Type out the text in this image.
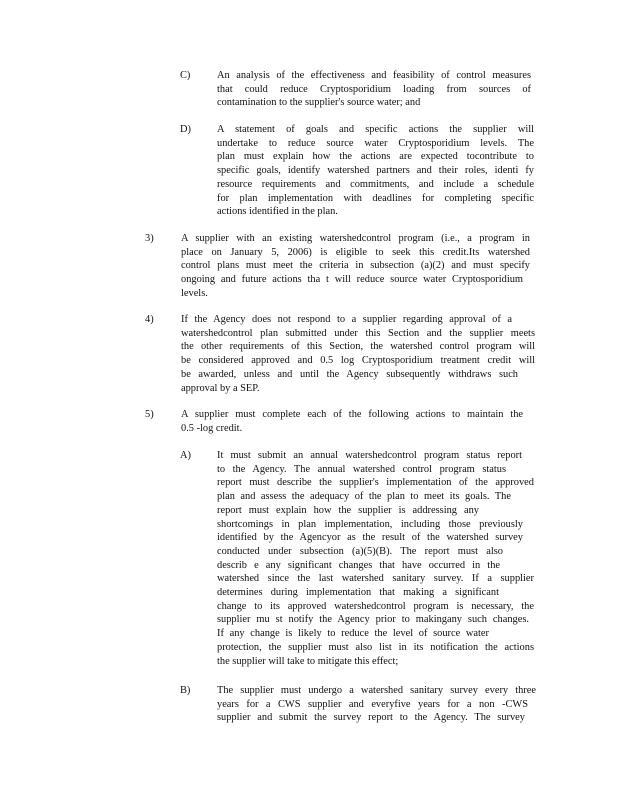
C)	An analysis of the effectiveness and feasibility of control measures
that could reduce Cryptosporidium loading from sources of
contamination to the supplier's source water; and
D)	A statement of goals and specific actions the supplier will
undertake to reduce source water Cryptosporidium levels. The
plan must explain how the actions are expected tocontribute to
specific goals, identify watershed partners and their roles, identi fy
resource requirements and commitments, and include a schedule
for plan implementation with deadlines for completing specific
actions identified in the plan.
3)	A supplier with an existing watershedcontrol program (i.e., a program in
place on January 5, 2006) is eligible to seek this credit.Its watershed
control plans must meet the criteria in subsection (a)(2) and must specify
ongoing and future actions tha t will reduce source water Cryptosporidium
levels.
4)	If the Agency does not respond to a supplier regarding approval of a
watershedcontrol plan submitted under this Section and the supplier meets
the other requirements of this Section, the watershed control program will
be considered approved and 0.5 log Cryptosporidium treatment credit will
be awarded, unless and until the Agency subsequently withdraws such
approval by a SEP.
5)	A supplier must complete each of the following actions to maintain the
0.5 -log credit.
A)	It must submit an annual watershedcontrol program status report
to the Agency. The annual watershed control program status
report must describe the supplier's implementation of the approved
plan and assess the adequacy of the plan to meet its goals. The
report must explain how the supplier is addressing any
shortcomings in plan implementation, including those previously
identified by the Agencyor as the result of the watershed survey
conducted under subsection (a)(5)(B). The report must also
describ e any significant changes that have occurred in the
watershed since the last watershed sanitary survey. If a supplier
determines during implementation that making a significant
change to its approved watershedcontrol program is necessary, the
supplier mu st notify the Agency prior to makingany such changes.
If any change is likely to reduce the level of source water
protection, the supplier must also list in its notification the actions
the supplier will take to mitigate this effect;
B)	The supplier must undergo a watershed sanitary survey every three
years for a CWS supplier and everyfive years for a non -CWS
supplier and submit the survey report to the Agency. The survey
